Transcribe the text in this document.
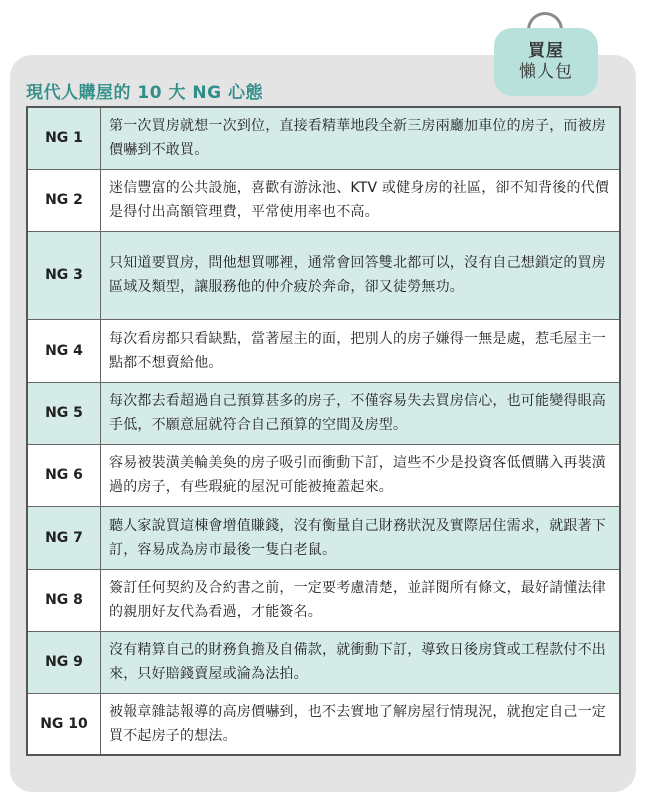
買屋
懶人包
現代人購屋的 10 大 NG 心態
NG 1	第一次買房就想一次到位，直接看精華地段全新三房兩廳加車位的房子，而被房價嚇到不敢買。
NG 2	迷信豐富的公共設施，喜歡有游泳池、KTV 或健身房的社區，卻不知背後的代價是得付出高額管理費，平常使用率也不高。
NG 3	只知道要買房，問他想買哪裡，通常會回答雙北都可以，沒有自己想鎖定的買房區域及類型，讓服務他的仲介疲於奔命，卻又徒勞無功。
NG 4	每次看房都只看缺點，當著屋主的面，把別人的房子嫌得一無是處，惹毛屋主一點都不想賣給他。
NG 5	每次都去看超過自己預算甚多的房子，不僅容易失去買房信心，也可能變得眼高手低，不願意屈就符合自己預算的空間及房型。
NG 6	容易被裝潢美輪美奐的房子吸引而衝動下訂，這些不少是投資客低價購入再裝潢過的房子，有些瑕疵的屋況可能被掩蓋起來。
NG 7	聽人家說買這棟會增值賺錢，沒有衡量自己財務狀況及實際居住需求，就跟著下訂，容易成為房市最後一隻白老鼠。
NG 8	簽訂任何契約及合約書之前，一定要考慮清楚，並詳閱所有條文，最好請懂法律的親朋好友代為看過，才能簽名。
NG 9	沒有精算自己的財務負擔及自備款，就衝動下訂，導致日後房貸或工程款付不出來，只好賠錢賣屋或淪為法拍。
NG 10	被報章雜誌報導的高房價嚇到，也不去實地了解房屋行情現況，就抱定自己一定買不起房子的想法。
